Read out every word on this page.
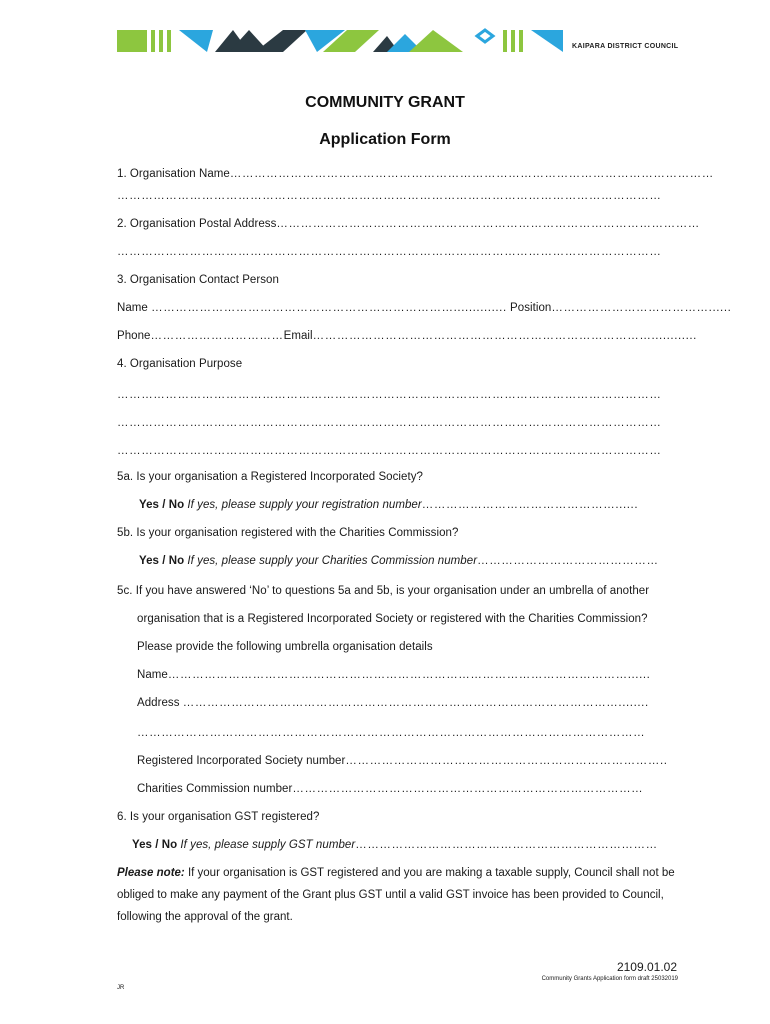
KAIPARA DISTRICT COUNCIL
COMMUNITY GRANT
Application Form
1. Organisation Name…………………………………………………………………………………………………………
………………………………………………………………………………………………………………………
2. Organisation Postal Address……………………………………………………………………………………………
………………………………………………………………………………………………………………………
3. Organisation Contact Person
Name ………………………………………………………………….............. Position…………………………………......
Phone……………………………Email…………………………………………………………………………............
4. Organisation Purpose
………………………………………………………………………………………………………………………
………………………………………………………………………………………………………………………
………………………………………………………………………………………………………………………
5a. Is your organisation a Registered Incorporated Society?
Yes / No If yes, please supply your registration number…………………………………………......
5b. Is your organisation registered with the Charities Commission?
Yes / No If yes, please supply your Charities Commission number………………………………………
5c. If you have answered ‘No’ to questions 5a and 5b, is your organisation under an umbrella of another
organisation that is a Registered Incorporated Society or registered with the Charities Commission?
Please provide the following umbrella organisation details
Name……………………………………………………………………………………………………......
Address ………………………………………………………………………………………………........
………………………………………………………………………………………………………………
Registered Incorporated Society number……………………………………………………………………..
Charities Commission number……………………………………………………………………………
6. Is your organisation GST registered?
Yes / No If yes, please supply GST number…………………………………………………………………
Please note: If your organisation is GST registered and you are making a taxable supply, Council shall not be obliged to make any payment of the Grant plus GST until a valid GST invoice has been provided to Council, following the approval of the grant.
2109.01.02
Community Grants Application form draft 25032019
JR
